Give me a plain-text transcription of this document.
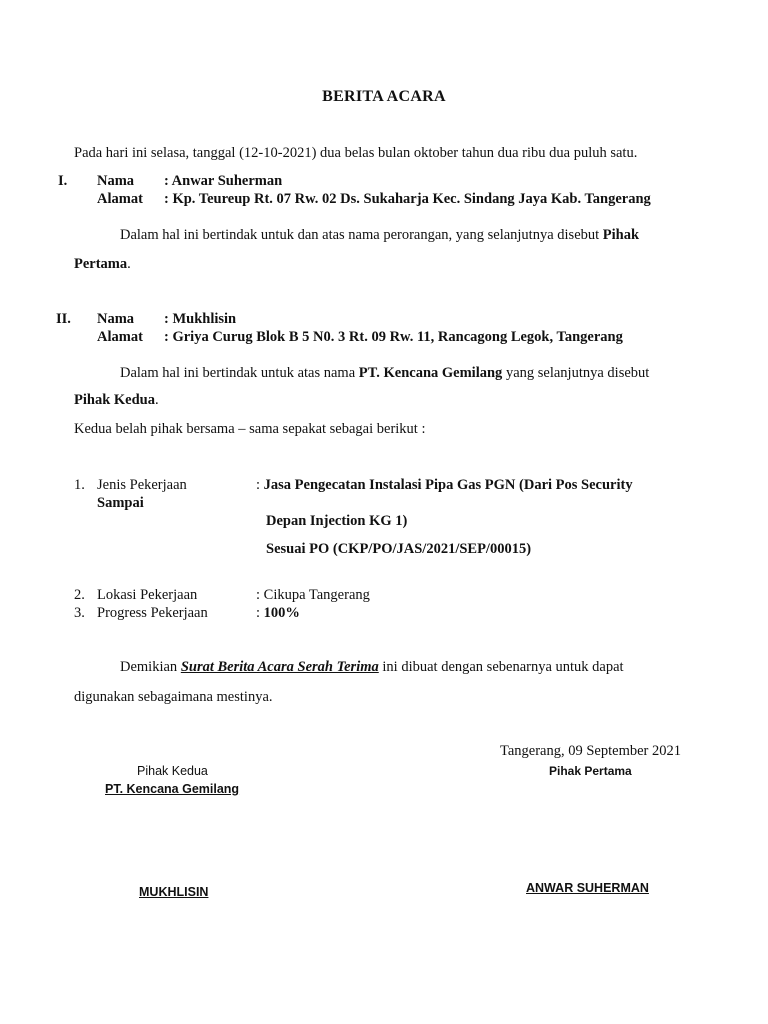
BERITA ACARA
Pada hari ini selasa, tanggal (12-10-2021) dua belas bulan oktober tahun dua ribu dua puluh satu.
I. Nama : Anwar Suherman
Alamat : Kp. Teureup Rt. 07 Rw. 02 Ds. Sukaharja Kec. Sindang Jaya Kab. Tangerang
Dalam hal ini bertindak untuk dan atas nama perorangan, yang selanjutnya disebut Pihak
Pertama.
II. Nama : Mukhlisin
Alamat : Griya Curug Blok B 5 N0. 3 Rt. 09 Rw. 11, Rancagong Legok, Tangerang
Dalam hal ini bertindak untuk atas nama PT. Kencana Gemilang yang selanjutnya disebut
Pihak Kedua.
Kedua belah pihak bersama – sama sepakat sebagai berikut :
1. Jenis Pekerjaan	: Jasa Pengecatan Instalasi Pipa Gas PGN (Dari Pos Security
Sampai
Depan Injection KG 1)
Sesuai PO (CKP/PO/JAS/2021/SEP/00015)
2. Lokasi Pekerjaan	: Cikupa Tangerang
3. Progress Pekerjaan	: 100%
Demikian Surat Berita Acara Serah Terima ini dibuat dengan sebenarnya untuk dapat
digunakan sebagaimana mestinya.
Tangerang, 09 September 2021
Pihak Kedua	Pihak Pertama
PT. Kencana Gemilang
MUKHLISIN	ANWAR SUHERMAN
